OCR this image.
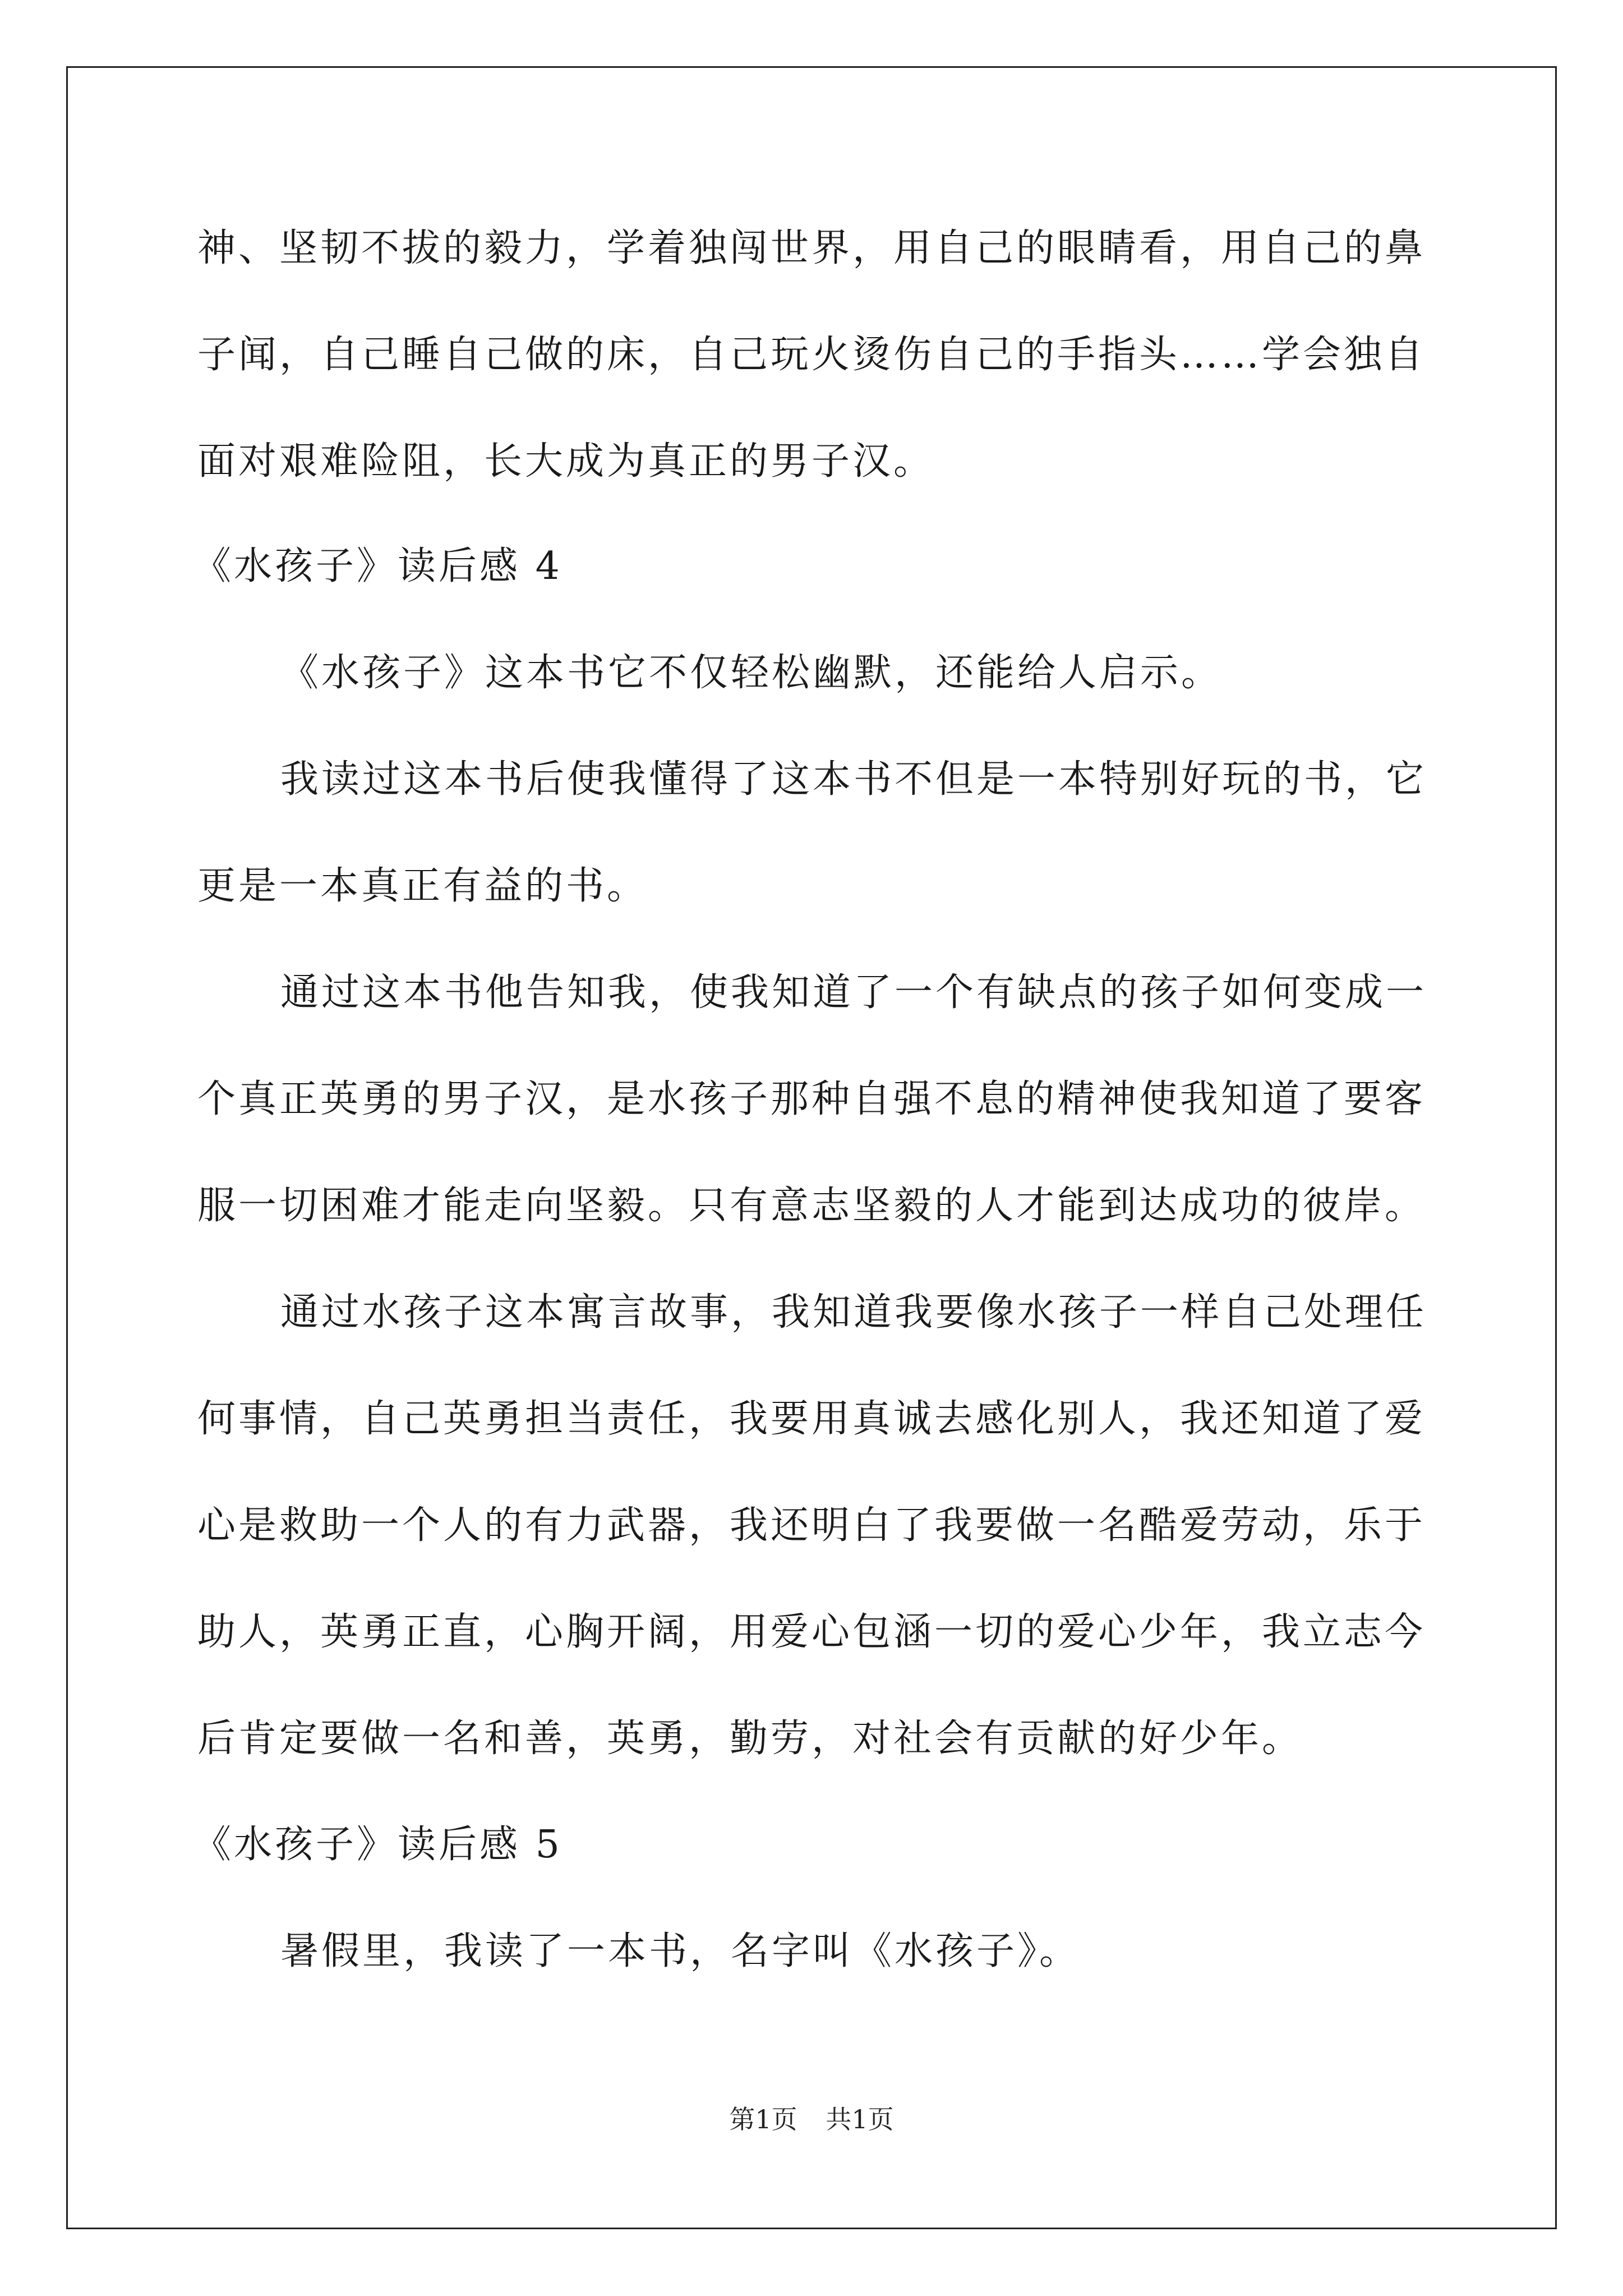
神、坚韧不拔的毅力，学着独闯世界，用自己的眼睛看，用自己的鼻
子闻，自己睡自己做的床，自己玩火烫伤自己的手指头……学会独自
面对艰难险阻，长大成为真正的男子汉。
《水孩子》读后感 4
《水孩子》这本书它不仅轻松幽默，还能给人启示。
我读过这本书后使我懂得了这本书不但是一本特别好玩的书，它
更是一本真正有益的书。
通过这本书他告知我，使我知道了一个有缺点的孩子如何变成一
个真正英勇的男子汉，是水孩子那种自强不息的精神使我知道了要客
服一切困难才能走向坚毅。只有意志坚毅的人才能到达成功的彼岸。
通过水孩子这本寓言故事，我知道我要像水孩子一样自己处理任
何事情，自己英勇担当责任，我要用真诚去感化别人，我还知道了爱
心是救助一个人的有力武器，我还明白了我要做一名酷爱劳动，乐于
助人，英勇正直，心胸开阔，用爱心包涵一切的爱心少年，我立志今
后肯定要做一名和善，英勇，勤劳，对社会有贡献的好少年。
《水孩子》读后感 5
暑假里，我读了一本书，名字叫《水孩子》。
第1页 共1页
